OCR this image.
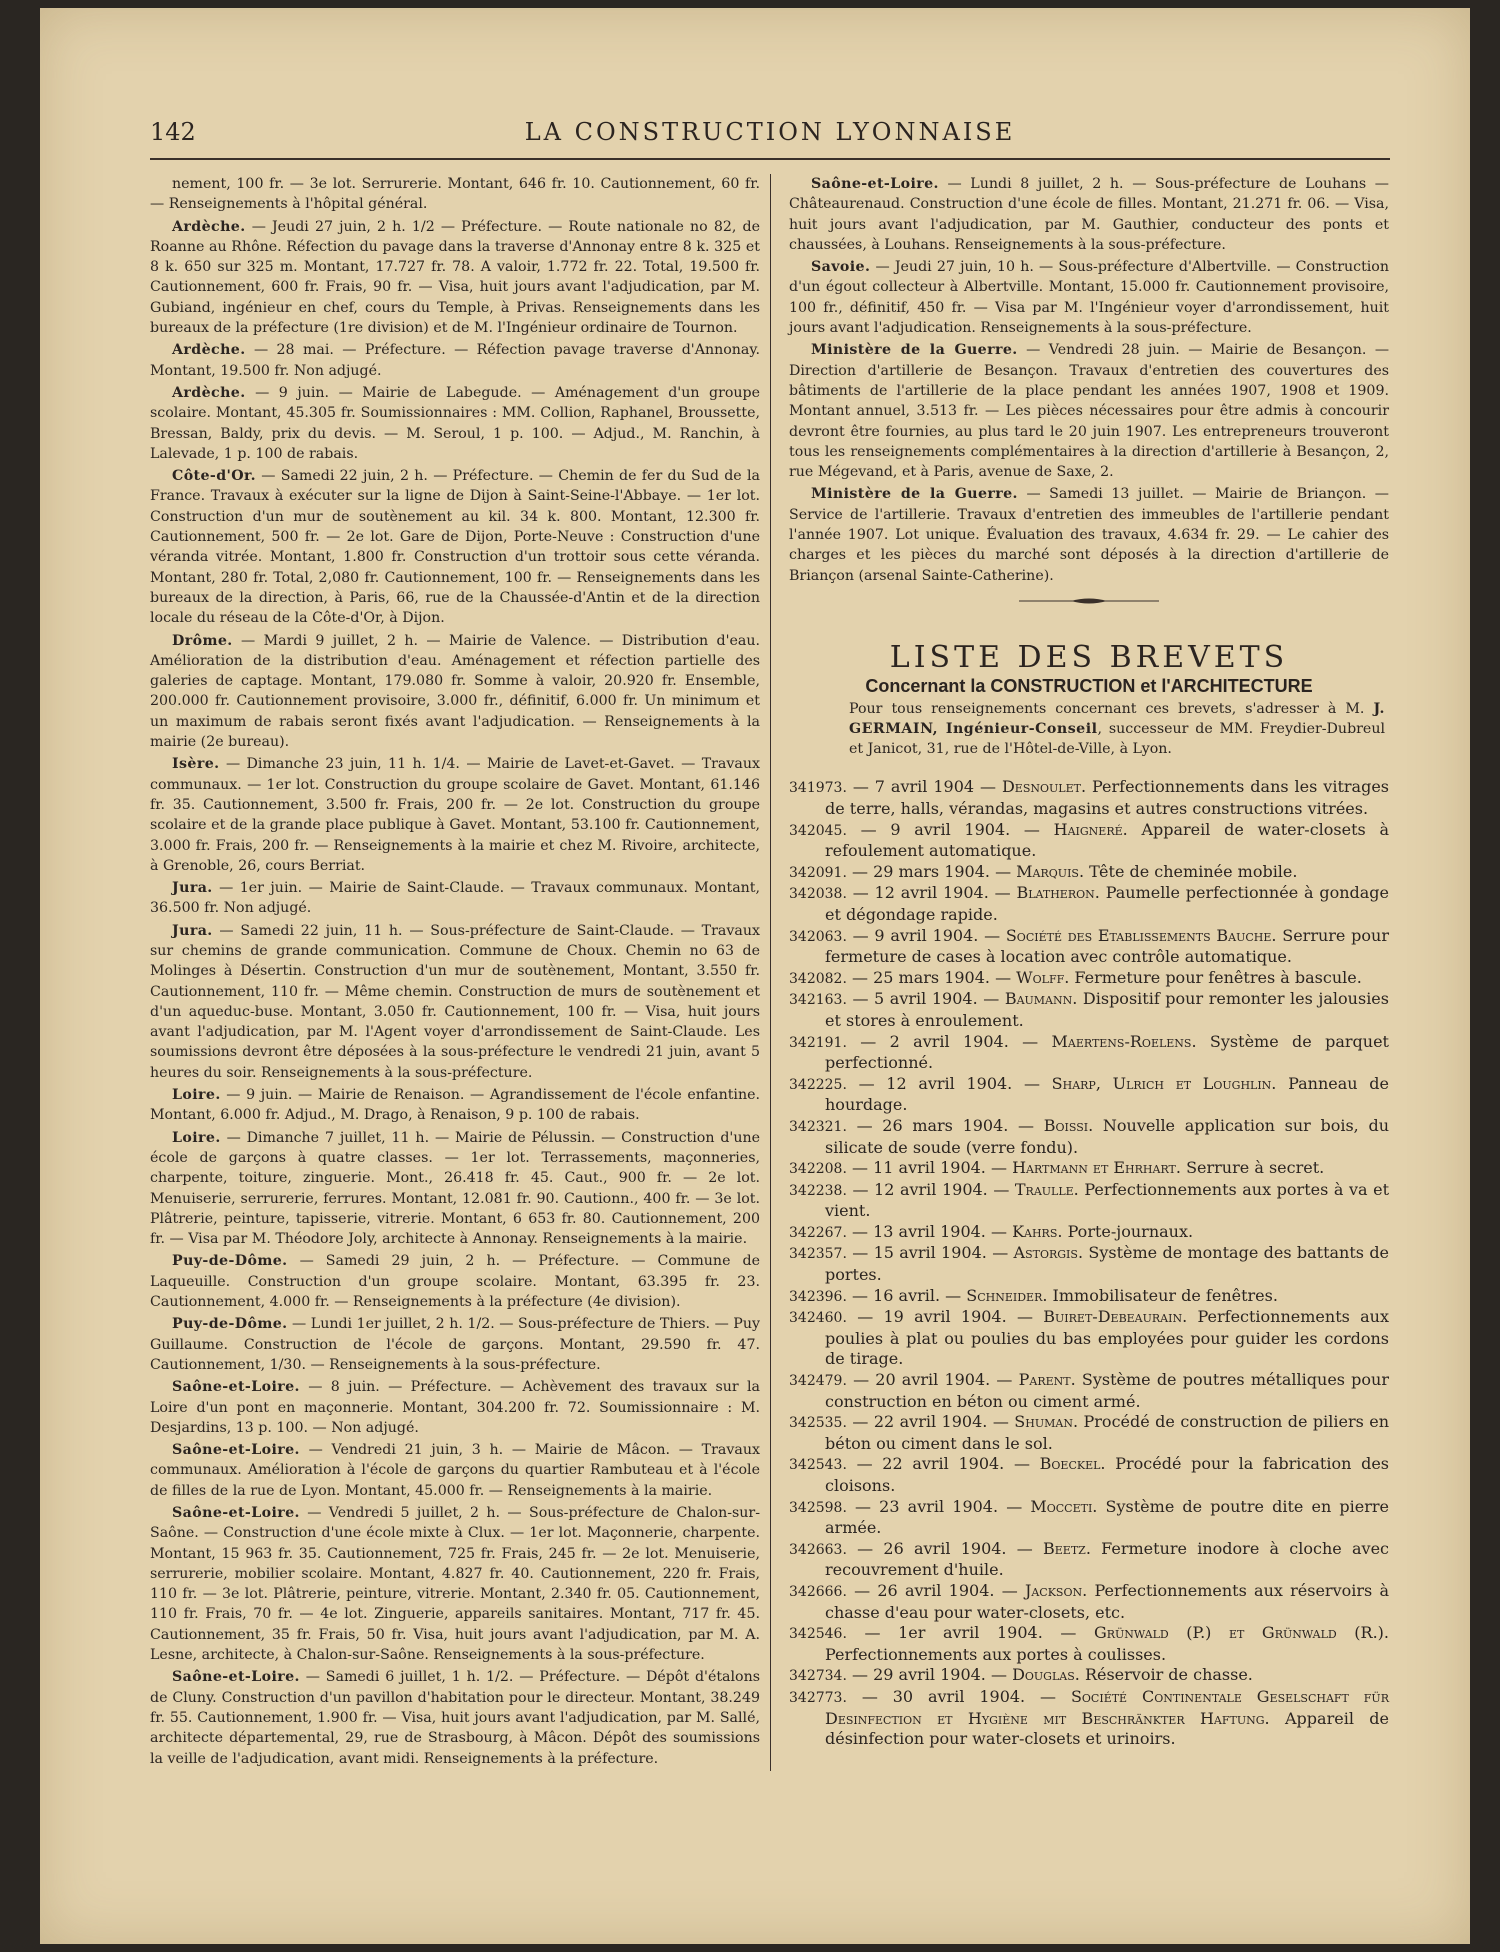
142	LA CONSTRUCTION LYONNAISE

nement, 100 fr. — 3e lot. Serrurerie. Montant, 646 fr. 10. Cautionnement, 60 fr. — Renseignements à l'hôpital général.

Ardèche. — Jeudi 27 juin, 2 h. 1/2 — Préfecture. — Route nationale no 82, de Roanne au Rhône. Réfection du pavage dans la traverse d'Annonay entre 8 k. 325 et 8 k. 650 sur 325 m. Montant, 17.727 fr. 78. A valoir, 1.772 fr. 22. Total, 19.500 fr. Cautionnement, 600 fr. Frais, 90 fr. — Visa, huit jours avant l'adjudication, par M. Gubiand, ingénieur en chef, cours du Temple, à Privas. Renseignements dans les bureaux de la préfecture (1re division) et de M. l'Ingénieur ordinaire de Tournon.

Ardèche. — 28 mai. — Préfecture. — Réfection pavage traverse d'Annonay. Montant, 19.500 fr. Non adjugé.

Ardèche. — 9 juin. — Mairie de Labegude. — Aménagement d'un groupe scolaire. Montant, 45.305 fr. Soumissionnaires : MM. Collion, Raphanel, Broussette, Bressan, Baldy, prix du devis. — M. Seroul, 1 p. 100. — Adjud., M. Ranchin, à Lalevade, 1 p. 100 de rabais.

Côte-d'Or. — Samedi 22 juin, 2 h. — Préfecture. — Chemin de fer du Sud de la France. Travaux à exécuter sur la ligne de Dijon à Saint-Seine-l'Abbaye. — 1er lot. Construction d'un mur de soutènement au kil. 34 k. 800. Montant, 12.300 fr. Cautionnement, 500 fr. — 2e lot. Gare de Dijon, Porte-Neuve : Construction d'une véranda vitrée. Montant, 1.800 fr. Construction d'un trottoir sous cette véranda. Montant, 280 fr. Total, 2,080 fr. Cautionnement, 100 fr. — Renseignements dans les bureaux de la direction, à Paris, 66, rue de la Chaussée-d'Antin et de la direction locale du réseau de la Côte-d'Or, à Dijon.

Drôme. — Mardi 9 juillet, 2 h. — Mairie de Valence. — Distribution d'eau. Amélioration de la distribution d'eau. Aménagement et réfection partielle des galeries de captage. Montant, 179.080 fr. Somme à valoir, 20.920 fr. Ensemble, 200.000 fr. Cautionnement provisoire, 3.000 fr., définitif, 6.000 fr. Un minimum et un maximum de rabais seront fixés avant l'adjudication. — Renseignements à la mairie (2e bureau).

Isère. — Dimanche 23 juin, 11 h. 1/4. — Mairie de Lavet-et-Gavet. — Travaux communaux. — 1er lot. Construction du groupe scolaire de Gavet. Montant, 61.146 fr. 35. Cautionnement, 3.500 fr. Frais, 200 fr. — 2e lot. Construction du groupe scolaire et de la grande place publique à Gavet. Montant, 53.100 fr. Cautionnement, 3.000 fr. Frais, 200 fr. — Renseignements à la mairie et chez M. Rivoire, architecte, à Grenoble, 26, cours Berriat.

Jura. — 1er juin. — Mairie de Saint-Claude. — Travaux communaux. Montant, 36.500 fr. Non adjugé.

Jura. — Samedi 22 juin, 11 h. — Sous-préfecture de Saint-Claude. — Travaux sur chemins de grande communication. Commune de Choux. Chemin no 63 de Molinges à Désertin. Construction d'un mur de soutènement, Montant, 3.550 fr. Cautionnement, 110 fr. — Même chemin. Construction de murs de soutènement et d'un aqueduc-buse. Montant, 3.050 fr. Cautionnement, 100 fr. — Visa, huit jours avant l'adjudication, par M. l'Agent voyer d'arrondissement de Saint-Claude. Les soumissions devront être déposées à la sous-préfecture le vendredi 21 juin, avant 5 heures du soir. Renseignements à la sous-préfecture.

Loire. — 9 juin. — Mairie de Renaison. — Agrandissement de l'école enfantine. Montant, 6.000 fr. Adjud., M. Drago, à Renaison, 9 p. 100 de rabais.

Loire. — Dimanche 7 juillet, 11 h. — Mairie de Pélussin. — Construction d'une école de garçons à quatre classes. — 1er lot. Terrassements, maçonneries, charpente, toiture, zinguerie. Mont., 26.418 fr. 45. Caut., 900 fr. — 2e lot. Menuiserie, serrurerie, ferrures. Montant, 12.081 fr. 90. Cautionn., 400 fr. — 3e lot. Plâtrerie, peinture, tapisserie, vitrerie. Montant, 6 653 fr. 80. Cautionnement, 200 fr. — Visa par M. Théodore Joly, architecte à Annonay. Renseignements à la mairie.

Puy-de-Dôme. — Samedi 29 juin, 2 h. — Préfecture. — Commune de Laqueuille. Construction d'un groupe scolaire. Montant, 63.395 fr. 23. Cautionnement, 4.000 fr. — Renseignements à la préfecture (4e division).

Puy-de-Dôme. — Lundi 1er juillet, 2 h. 1/2. — Sous-préfecture de Thiers. — Puy Guillaume. Construction de l'école de garçons. Montant, 29.590 fr. 47. Cautionnement, 1/30. — Renseignements à la sous-préfecture.

Saône-et-Loire. — 8 juin. — Préfecture. — Achèvement des travaux sur la Loire d'un pont en maçonnerie. Montant, 304.200 fr. 72. Soumissionnaire : M. Desjardins, 13 p. 100. — Non adjugé.

Saône-et-Loire. — Vendredi 21 juin, 3 h. — Mairie de Mâcon. — Travaux communaux. Amélioration à l'école de garçons du quartier Rambuteau et à l'école de filles de la rue de Lyon. Montant, 45.000 fr. — Renseignements à la mairie.

Saône-et-Loire. — Vendredi 5 juillet, 2 h. — Sous-préfecture de Chalon-sur-Saône. — Construction d'une école mixte à Clux. — 1er lot. Maçonnerie, charpente. Montant, 15 963 fr. 35. Cautionnement, 725 fr. Frais, 245 fr. — 2e lot. Menuiserie, serrurerie, mobilier scolaire. Montant, 4.827 fr. 40. Cautionnement, 220 fr. Frais, 110 fr. — 3e lot. Plâtrerie, peinture, vitrerie. Montant, 2.340 fr. 05. Cautionnement, 110 fr. Frais, 70 fr. — 4e lot. Zinguerie, appareils sanitaires. Montant, 717 fr. 45. Cautionnement, 35 fr. Frais, 50 fr. Visa, huit jours avant l'adjudication, par M. A. Lesne, architecte, à Chalon-sur-Saône. Renseignements à la sous-préfecture.

Saône-et-Loire. — Samedi 6 juillet, 1 h. 1/2. — Préfecture. — Dépôt d'étalons de Cluny. Construction d'un pavillon d'habitation pour le directeur. Montant, 38.249 fr. 55. Cautionnement, 1.900 fr. — Visa, huit jours avant l'adjudication, par M. Sallé, architecte départemental, 29, rue de Strasbourg, à Mâcon. Dépôt des soumissions la veille de l'adjudication, avant midi. Renseignements à la préfecture.

Saône-et-Loire. — Lundi 8 juillet, 2 h. — Sous-préfecture de Louhans — Châteaurenaud. Construction d'une école de filles. Montant, 21.271 fr. 06. — Visa, huit jours avant l'adjudication, par M. Gauthier, conducteur des ponts et chaussées, à Louhans. Renseignements à la sous-préfecture.

Savoie. — Jeudi 27 juin, 10 h. — Sous-préfecture d'Albertville. — Construction d'un égout collecteur à Albertville. Montant, 15.000 fr. Cautionnement provisoire, 100 fr., définitif, 450 fr. — Visa par M. l'Ingénieur voyer d'arrondissement, huit jours avant l'adjudication. Renseignements à la sous-préfecture.

Ministère de la Guerre. — Vendredi 28 juin. — Mairie de Besançon. — Direction d'artillerie de Besançon. Travaux d'entretien des couvertures des bâtiments de l'artillerie de la place pendant les années 1907, 1908 et 1909. Montant annuel, 3.513 fr. — Les pièces nécessaires pour être admis à concourir devront être fournies, au plus tard le 20 juin 1907. Les entrepreneurs trouveront tous les renseignements complémentaires à la direction d'artillerie à Besançon, 2, rue Mégevand, et à Paris, avenue de Saxe, 2.

Ministère de la Guerre. — Samedi 13 juillet. — Mairie de Briançon. — Service de l'artillerie. Travaux d'entretien des immeubles de l'artillerie pendant l'année 1907. Lot unique. Évaluation des travaux, 4.634 fr. 29. — Le cahier des charges et les pièces du marché sont déposés à la direction d'artillerie de Briançon (arsenal Sainte-Catherine).

LISTE DES BREVETS
Concernant la CONSTRUCTION et l'ARCHITECTURE
Pour tous renseignements concernant ces brevets, s'adresser à M. J. GERMAIN, Ingénieur-Conseil, successeur de MM. Freydier-Dubreul et Janicot, 31, rue de l'Hôtel-de-Ville, à Lyon.

341973. — 7 avril 1904 — Desnoulet. Perfectionnements dans les vitrages de terre, halls, vérandas, magasins et autres constructions vitrées.

342045. — 9 avril 1904. — Haigneré. Appareil de water-closets à refoulement automatique.

342091. — 29 mars 1904. — Marquis. Tête de cheminée mobile.

342038. — 12 avril 1904. — Blatheron. Paumelle perfectionnée à gondage et dégondage rapide.

342063. — 9 avril 1904. — Société des Etablissements Bauche. Serrure pour fermeture de cases à location avec contrôle automatique.

342082. — 25 mars 1904. — Wolff. Fermeture pour fenêtres à bascule.

342163. — 5 avril 1904. — Baumann. Dispositif pour remonter les jalousies et stores à enroulement.

342191. — 2 avril 1904. — Maertens-Roelens. Système de parquet perfectionné.

342225. — 12 avril 1904. — Sharp, Ulrich et Loughlin. Panneau de hourdage.

342321. — 26 mars 1904. — Boissi. Nouvelle application sur bois, du silicate de soude (verre fondu).

342208. — 11 avril 1904. — Hartmann et Ehrhart. Serrure à secret.

342238. — 12 avril 1904. — Traulle. Perfectionnements aux portes à va et vient.

342267. — 13 avril 1904. — Kahrs. Porte-journaux.

342357. — 15 avril 1904. — Astorgis. Système de montage des battants de portes.

342396. — 16 avril. — Schneider. Immobilisateur de fenêtres.

342460. — 19 avril 1904. — Buiret-Debeaurain. Perfectionnements aux poulies à plat ou poulies du bas employées pour guider les cordons de tirage.

342479. — 20 avril 1904. — Parent. Système de poutres métalliques pour construction en béton ou ciment armé.

342535. — 22 avril 1904. — Shuman. Procédé de construction de piliers en béton ou ciment dans le sol.

342543. — 22 avril 1904. — Boeckel. Procédé pour la fabrication des cloisons.

342598. — 23 avril 1904. — Mocceti. Système de poutre dite en pierre armée.

342663. — 26 avril 1904. — Beetz. Fermeture inodore à cloche avec recouvrement d'huile.

342666. — 26 avril 1904. — Jackson. Perfectionnements aux réservoirs à chasse d'eau pour water-closets, etc.

342546. — 1er avril 1904. — Grünwald (P.) et Grünwald (R.). Perfectionnements aux portes à coulisses.

342734. — 29 avril 1904. — Douglas. Réservoir de chasse.

342773. — 30 avril 1904. — Société Continentale Geselschaft für Desinfection et Hygiène mit Beschränkter Haftung. Appareil de désinfection pour water-closets et urinoirs.
